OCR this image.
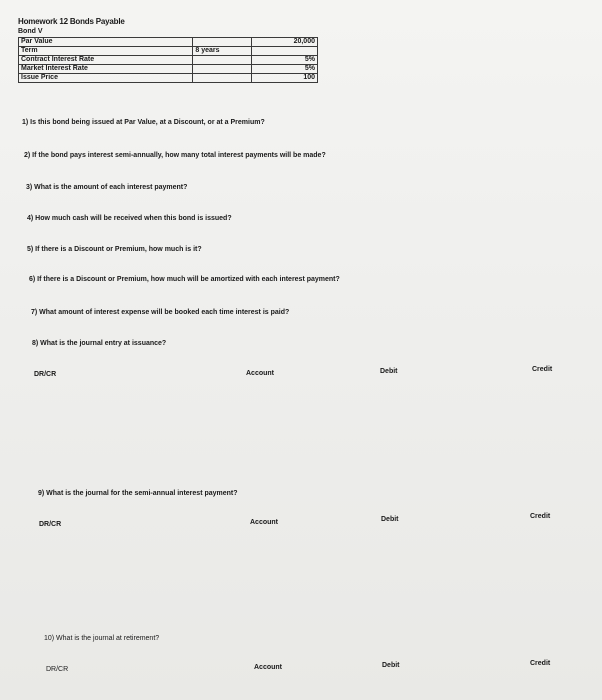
Homework 12 Bonds Payable
Bond V
Par Value		20,000
Term	8 years	
Contract Interest Rate		5%
Market Interest Rate		5%
Issue Price		100
1) Is this bond being issued at Par Value, at a Discount, or at a Premium?
2) If the bond pays interest semi-annually, how many total interest payments will be made?
3) What is the amount of each interest payment?
4) How much cash will be received when this bond is issued?
5) If there is a Discount or Premium, how much is it?
6) If there is a Discount or Premium, how much will be amortized with each interest payment?
7) What amount of interest expense will be booked each time interest is paid?
8) What is the journal entry at issuance?
DR/CR	Account	Debit	Credit
9) What is the journal for the semi-annual interest payment?
DR/CR	Account	Debit	Credit
10) What is the journal at retirement?
DR/CR	Account	Debit	Credit
